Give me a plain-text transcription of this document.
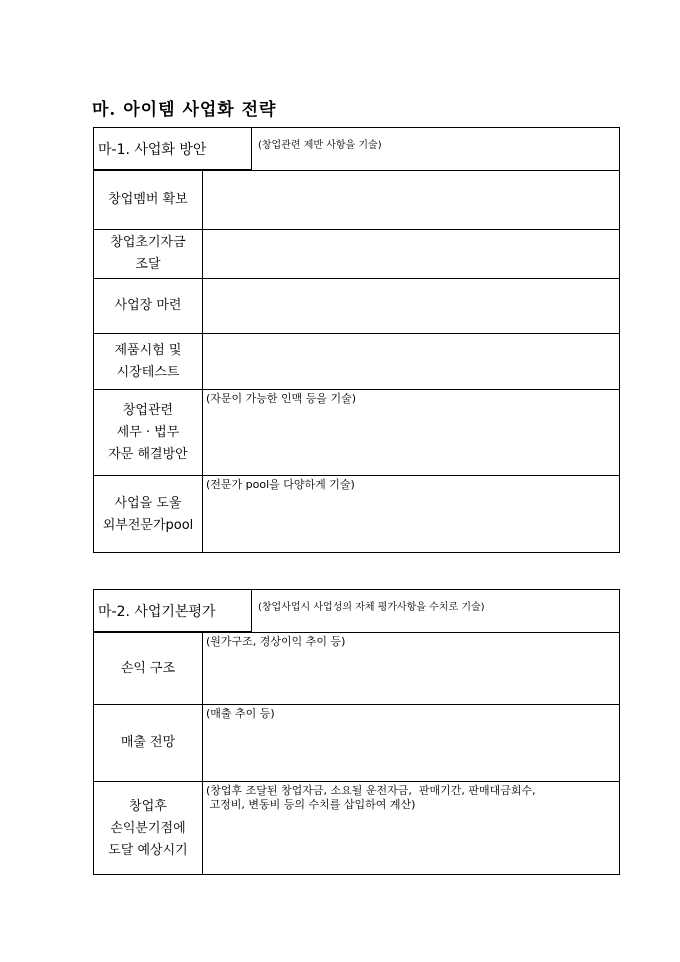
마. 아이템 사업화 전략
마-1. 사업화 방안	(창업관련 제반 사항을 기술)
창업멤버 확보
창업초기자금
조달
사업장 마련
제품시험 및
시장테스트
창업관련
세무 · 법무
자문 해결방안
(자문이 가능한 인맥 등을 기술)
사업을 도울
외부전문가pool
(전문가 pool을 다양하게 기술)
마-2. 사업기본평가	(창업사업시 사업성의 자체 평가사항을 수치로 기술)
손익 구조
(원가구조, 경상이익 추이 등)
매출 전망
(매출 추이 등)
창업후
손익분기점에
도달 예상시기
(창업후 조달된 창업자금, 소요될 운전자금,  판매기간, 판매대금회수,
고정비, 변동비 등의 수치를 삽입하여 계산)
